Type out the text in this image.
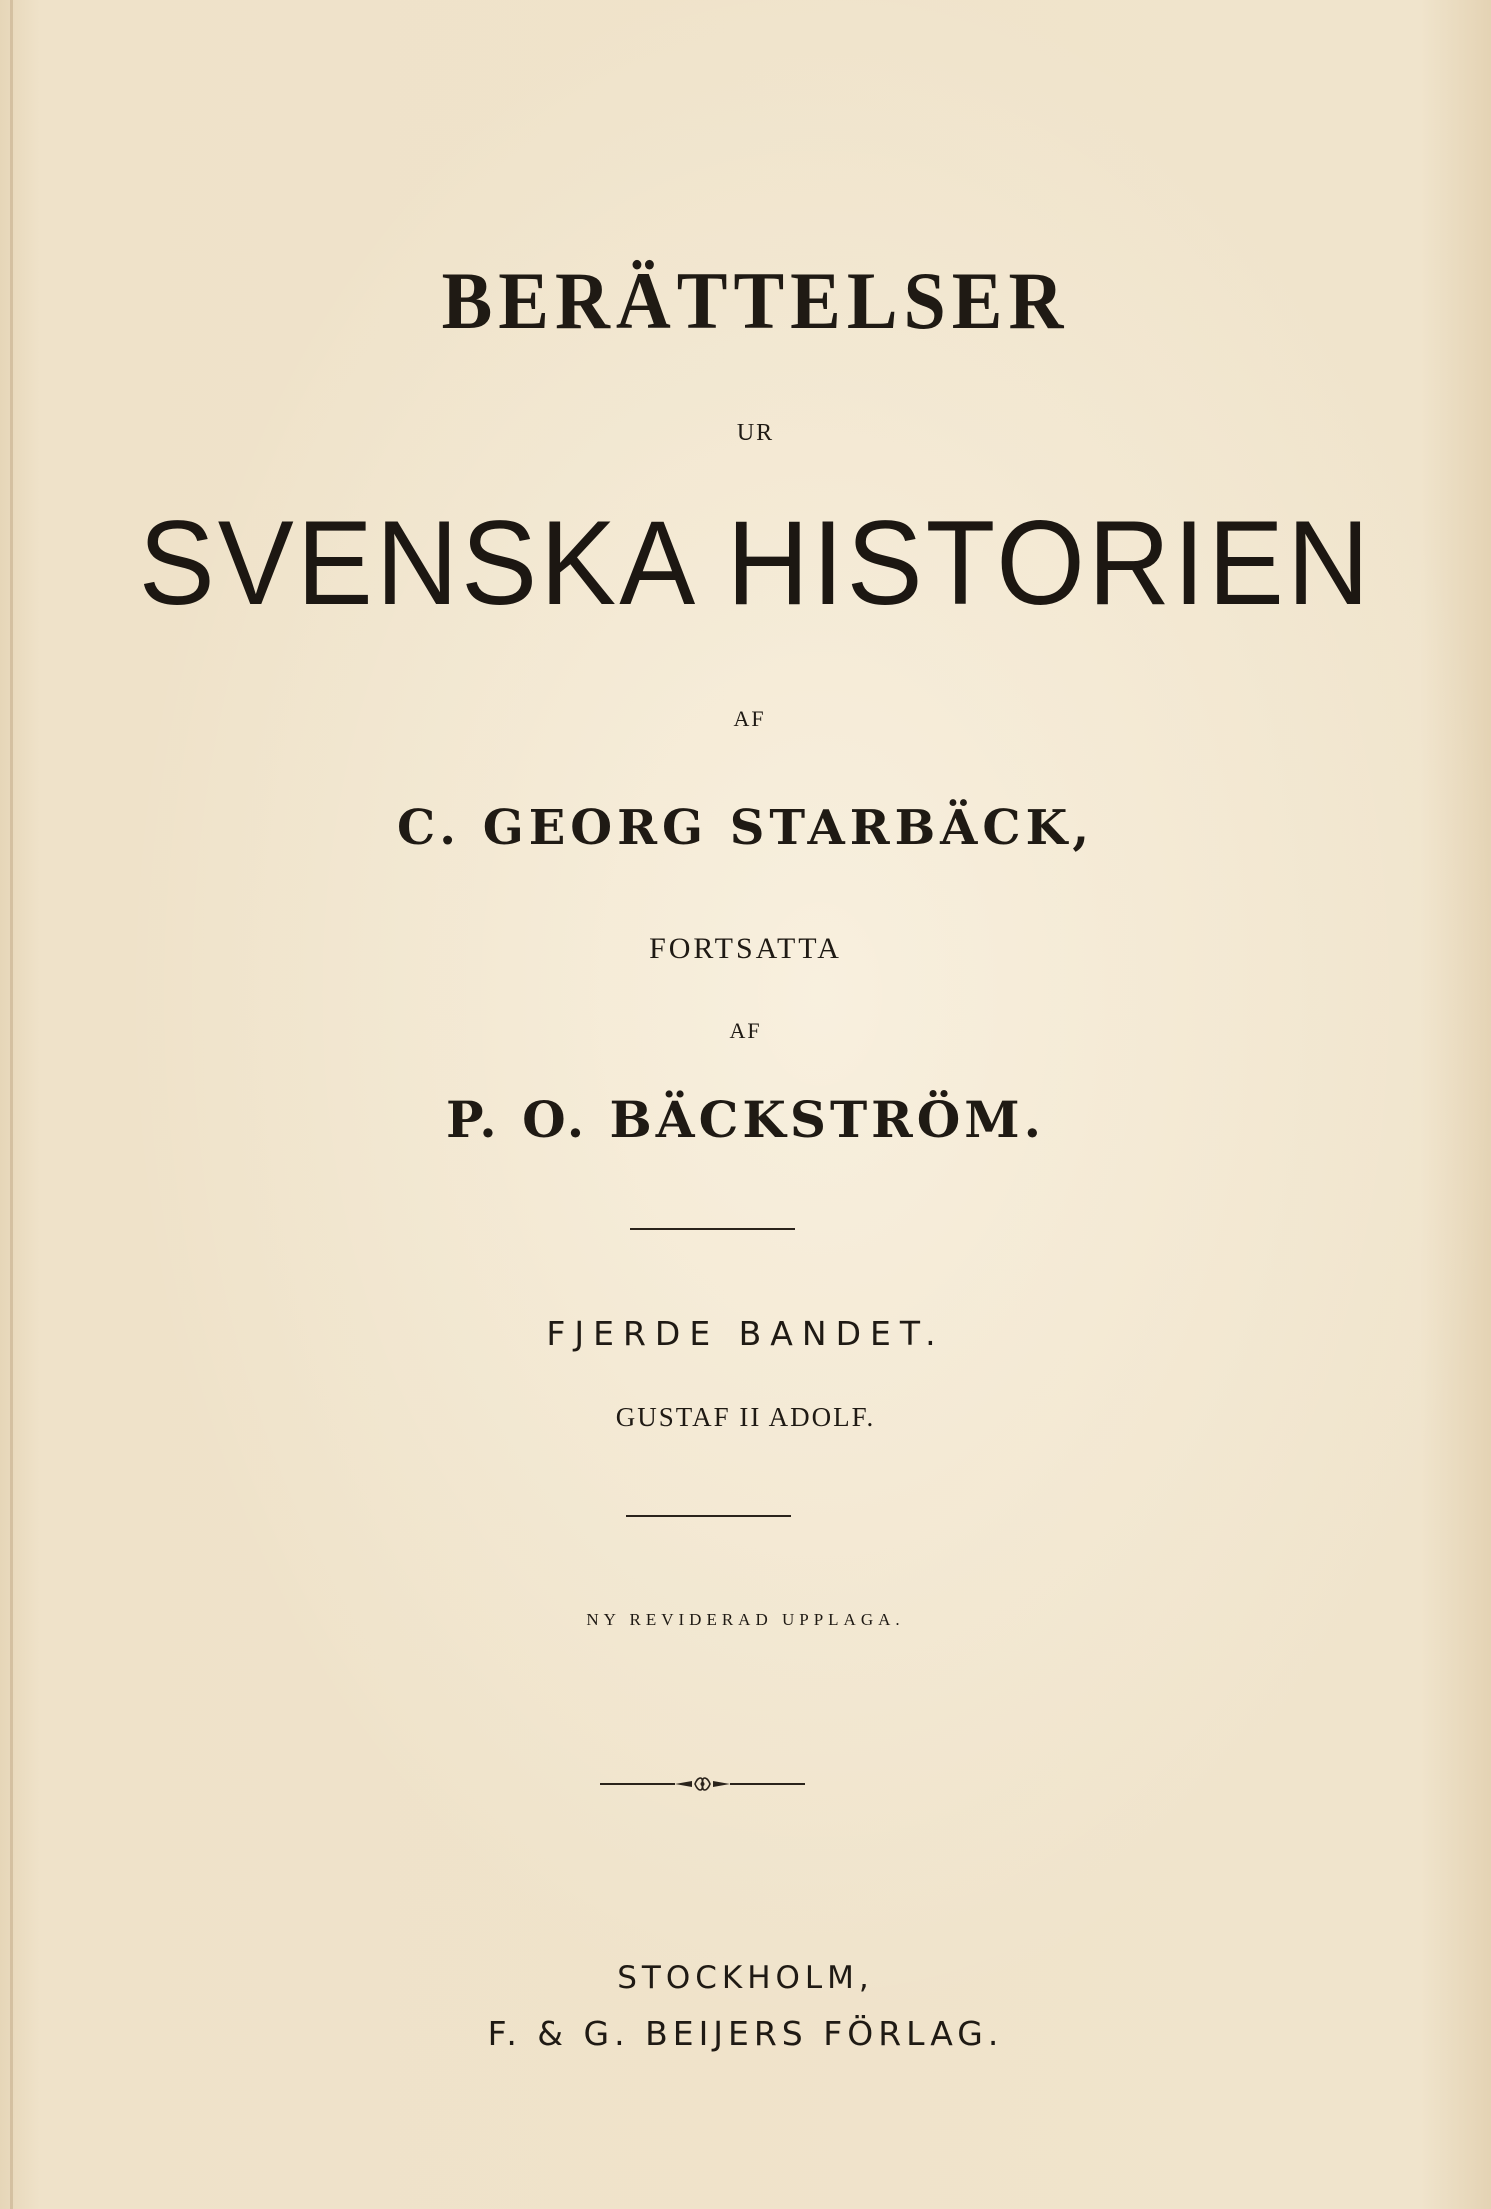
BERÄTTELSER

UR

SVENSKA HISTORIEN

AF

C. GEORG STARBÄCK,

FORTSATTA

AF

P. O. BÄCKSTRÖM.

FJERDE BANDET.

GUSTAF II ADOLF.

NY REVIDERAD UPPLAGA.

STOCKHOLM,

F. & G. BEIJERS FÖRLAG.
